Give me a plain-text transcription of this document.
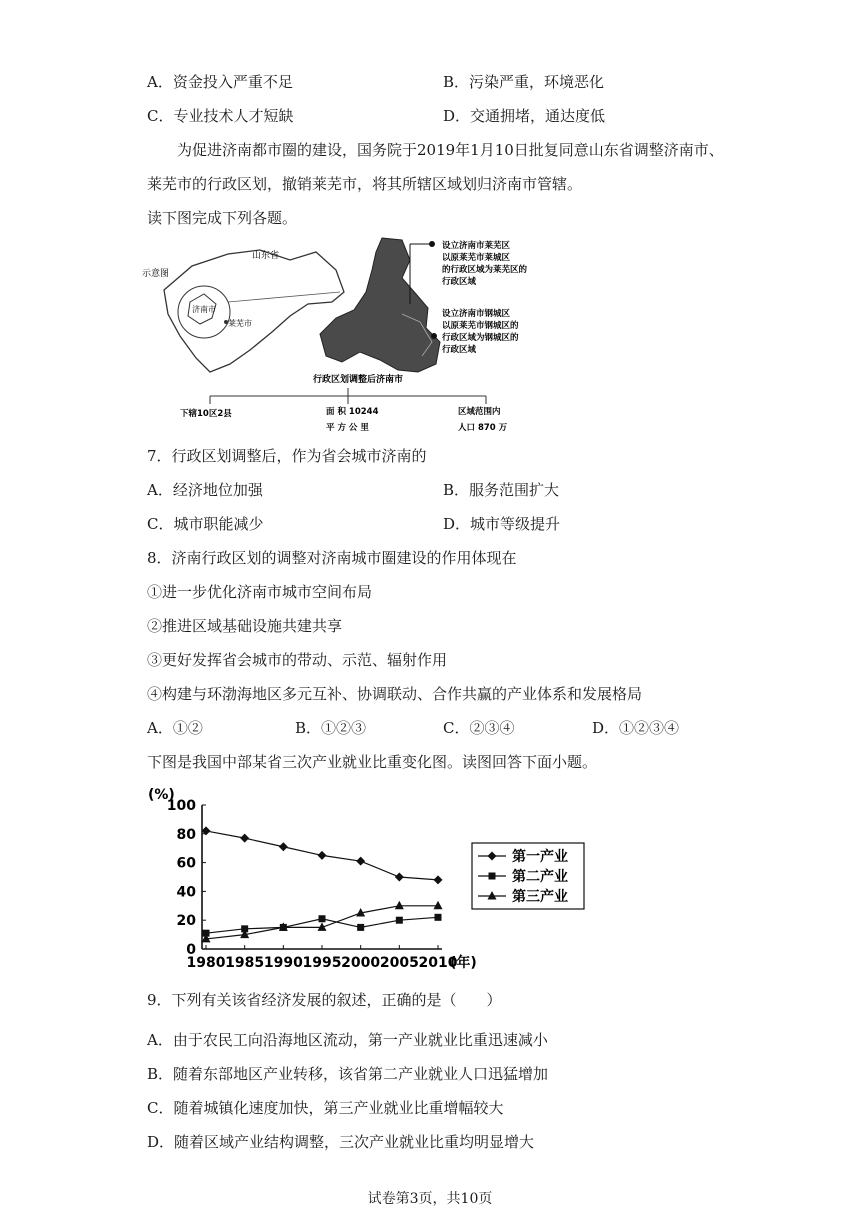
A．资金投入严重不足	B．污染严重，环境恶化
C．专业技术人才短缺	D．交通拥堵，通达度低
为促进济南都市圈的建设，国务院于2019年1月10日批复同意山东省调整济南市、
莱芜市的行政区划，撤销莱芜市，将其所辖区域划归济南市管辖。
读下图完成下列各题。
示意图
山东省
济南市
莱芜市
设立济南市莱芜区
以原莱芜市莱城区
的行政区域为莱芜区的
行政区域
设立济南市钢城区
以原莱芜市钢城区的
行政区域为钢城区的
行政区域
行政区划调整后济南市
下辖10区2县	面 积 10244
平 方 公 里
区域范围内
人口 870 万
7．行政区划调整后，作为省会城市济南的
A．经济地位加强	B．服务范围扩大
C．城市职能减少	D．城市等级提升
8．济南行政区划的调整对济南城市圈建设的作用体现在
①进一步优化济南市城市空间布局
②推进区域基础设施共建共享
③更好发挥省会城市的带动、示范、辐射作用
④构建与环渤海地区多元互补、协调联动、合作共赢的产业体系和发展格局
A．①②	B．①②③	C．②③④	D．①②③④
下图是我国中部某省三次产业就业比重变化图。读图回答下面小题。
(%)
0
20
40
60
80
100
1980 1985 1990 1995 2000 2005 2010
(年)
第一产业
第二产业
第三产业
9．下列有关该省经济发展的叙述，正确的是（　　）
A．由于农民工向沿海地区流动，第一产业就业比重迅速减小
B．随着东部地区产业转移，该省第二产业就业人口迅猛增加
C．随着城镇化速度加快，第三产业就业比重增幅较大
D．随着区域产业结构调整，三次产业就业比重均明显增大
试卷第3页，共10页
